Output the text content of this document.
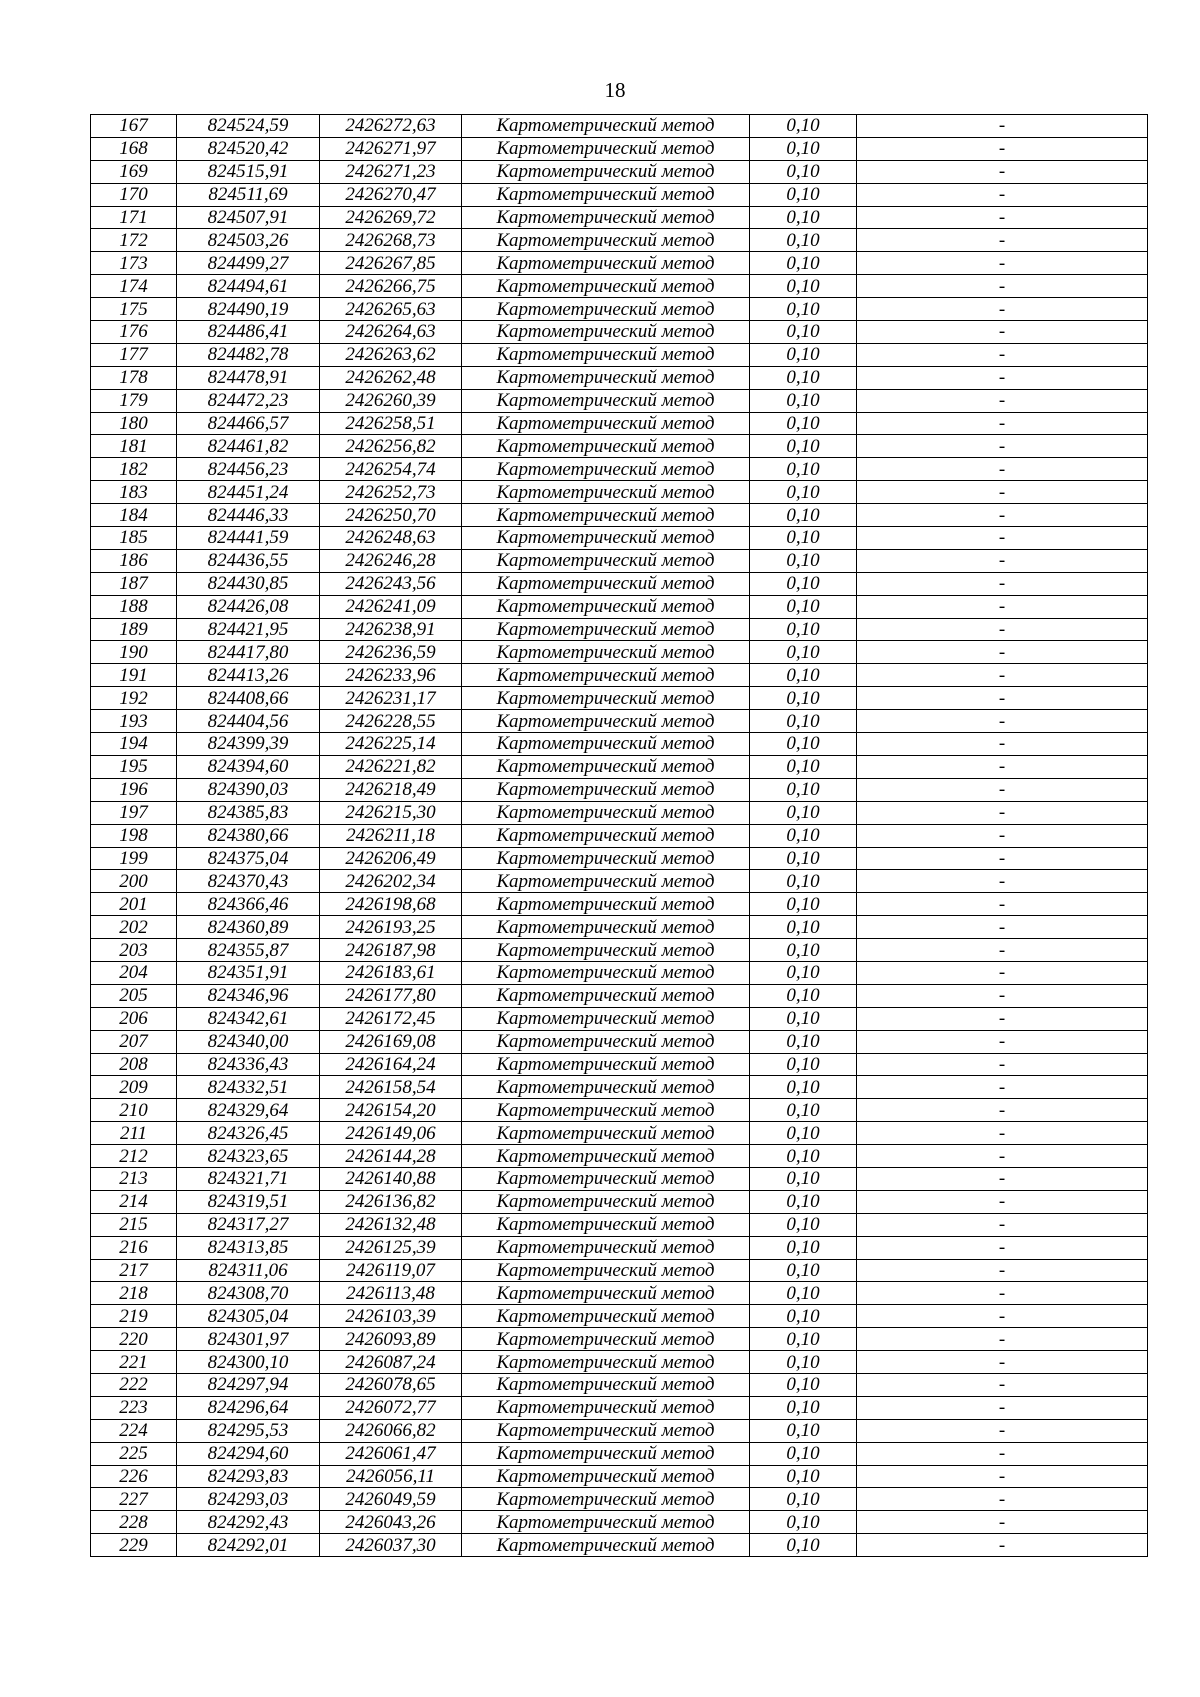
18
167	824524,59	2426272,63	Картометрический метод	0,10	-
168	824520,42	2426271,97	Картометрический метод	0,10	-
169	824515,91	2426271,23	Картометрический метод	0,10	-
170	824511,69	2426270,47	Картометрический метод	0,10	-
171	824507,91	2426269,72	Картометрический метод	0,10	-
172	824503,26	2426268,73	Картометрический метод	0,10	-
173	824499,27	2426267,85	Картометрический метод	0,10	-
174	824494,61	2426266,75	Картометрический метод	0,10	-
175	824490,19	2426265,63	Картометрический метод	0,10	-
176	824486,41	2426264,63	Картометрический метод	0,10	-
177	824482,78	2426263,62	Картометрический метод	0,10	-
178	824478,91	2426262,48	Картометрический метод	0,10	-
179	824472,23	2426260,39	Картометрический метод	0,10	-
180	824466,57	2426258,51	Картометрический метод	0,10	-
181	824461,82	2426256,82	Картометрический метод	0,10	-
182	824456,23	2426254,74	Картометрический метод	0,10	-
183	824451,24	2426252,73	Картометрический метод	0,10	-
184	824446,33	2426250,70	Картометрический метод	0,10	-
185	824441,59	2426248,63	Картометрический метод	0,10	-
186	824436,55	2426246,28	Картометрический метод	0,10	-
187	824430,85	2426243,56	Картометрический метод	0,10	-
188	824426,08	2426241,09	Картометрический метод	0,10	-
189	824421,95	2426238,91	Картометрический метод	0,10	-
190	824417,80	2426236,59	Картометрический метод	0,10	-
191	824413,26	2426233,96	Картометрический метод	0,10	-
192	824408,66	2426231,17	Картометрический метод	0,10	-
193	824404,56	2426228,55	Картометрический метод	0,10	-
194	824399,39	2426225,14	Картометрический метод	0,10	-
195	824394,60	2426221,82	Картометрический метод	0,10	-
196	824390,03	2426218,49	Картометрический метод	0,10	-
197	824385,83	2426215,30	Картометрический метод	0,10	-
198	824380,66	2426211,18	Картометрический метод	0,10	-
199	824375,04	2426206,49	Картометрический метод	0,10	-
200	824370,43	2426202,34	Картометрический метод	0,10	-
201	824366,46	2426198,68	Картометрический метод	0,10	-
202	824360,89	2426193,25	Картометрический метод	0,10	-
203	824355,87	2426187,98	Картометрический метод	0,10	-
204	824351,91	2426183,61	Картометрический метод	0,10	-
205	824346,96	2426177,80	Картометрический метод	0,10	-
206	824342,61	2426172,45	Картометрический метод	0,10	-
207	824340,00	2426169,08	Картометрический метод	0,10	-
208	824336,43	2426164,24	Картометрический метод	0,10	-
209	824332,51	2426158,54	Картометрический метод	0,10	-
210	824329,64	2426154,20	Картометрический метод	0,10	-
211	824326,45	2426149,06	Картометрический метод	0,10	-
212	824323,65	2426144,28	Картометрический метод	0,10	-
213	824321,71	2426140,88	Картометрический метод	0,10	-
214	824319,51	2426136,82	Картометрический метод	0,10	-
215	824317,27	2426132,48	Картометрический метод	0,10	-
216	824313,85	2426125,39	Картометрический метод	0,10	-
217	824311,06	2426119,07	Картометрический метод	0,10	-
218	824308,70	2426113,48	Картометрический метод	0,10	-
219	824305,04	2426103,39	Картометрический метод	0,10	-
220	824301,97	2426093,89	Картометрический метод	0,10	-
221	824300,10	2426087,24	Картометрический метод	0,10	-
222	824297,94	2426078,65	Картометрический метод	0,10	-
223	824296,64	2426072,77	Картометрический метод	0,10	-
224	824295,53	2426066,82	Картометрический метод	0,10	-
225	824294,60	2426061,47	Картометрический метод	0,10	-
226	824293,83	2426056,11	Картометрический метод	0,10	-
227	824293,03	2426049,59	Картометрический метод	0,10	-
228	824292,43	2426043,26	Картометрический метод	0,10	-
229	824292,01	2426037,30	Картометрический метод	0,10	-
